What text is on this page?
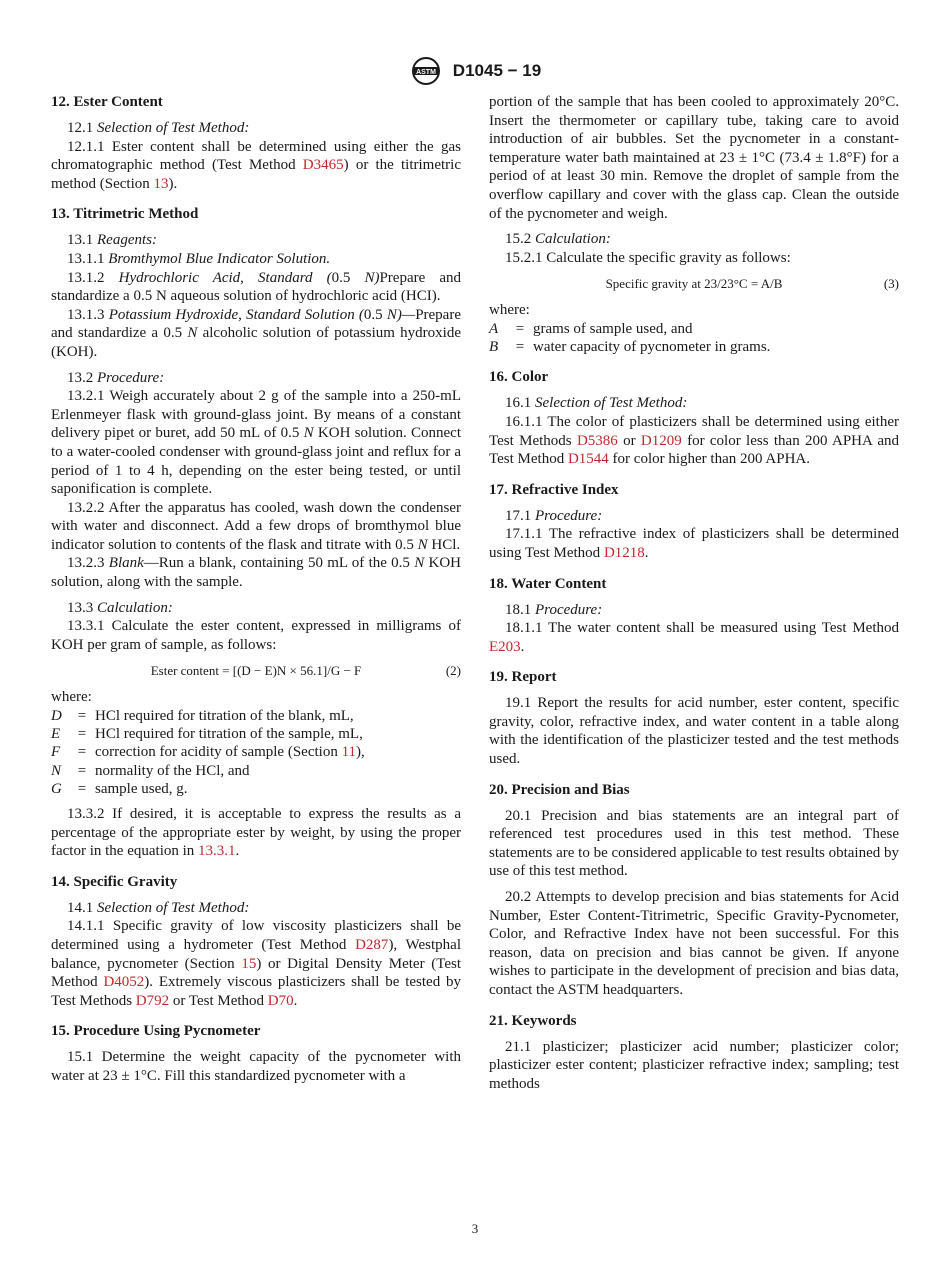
ASTM D1045 − 19
12. Ester Content

12.1 Selection of Test Method:

12.1.1 Ester content shall be determined using either the gas chromatographic method (Test Method D3465) or the titrimetric method (Section 13).

13. Titrimetric Method

13.1 Reagents:

13.1.1 Bromthymol Blue Indicator Solution.

13.1.2 Hydrochloric Acid, Standard (0.5 N)Prepare and standardize a 0.5 N aqueous solution of hydrochloric acid (HCI).

13.1.3 Potassium Hydroxide, Standard Solution (0.5 N)—Prepare and standardize a 0.5 N alcoholic solution of potassium hydroxide (KOH).

13.2 Procedure:

13.2.1 Weigh accurately about 2 g of the sample into a 250-mL Erlenmeyer flask with ground-glass joint. By means of a constant delivery pipet or buret, add 50 mL of 0.5 N KOH solution. Connect to a water-cooled condenser with ground-glass joint and reflux for a period of 1 to 4 h, depending on the ester being tested, or until saponification is complete.

13.2.2 After the apparatus has cooled, wash down the condenser with water and disconnect. Add a few drops of bromthymol blue indicator solution to contents of the flask and titrate with 0.5 N HCl.

13.2.3 Blank—Run a blank, containing 50 mL of the 0.5 N KOH solution, along with the sample.

13.3 Calculation:

13.3.1 Calculate the ester content, expressed in milligrams of KOH per gram of sample, as follows:

Ester content = [(D − E)N × 56.1]/G − F	(2)

where:

D	= HCl required for titration of the blank, mL,
E	= HCl required for titration of the sample, mL,
F	= correction for acidity of sample (Section 11),
N	= normality of the HCl, and
G	= sample used, g.

13.3.2 If desired, it is acceptable to express the results as a percentage of the appropriate ester by weight, by using the proper factor in the equation in 13.3.1.

14. Specific Gravity

14.1 Selection of Test Method:

14.1.1 Specific gravity of low viscosity plasticizers shall be determined using a hydrometer (Test Method D287), Westphal balance, pycnometer (Section 15) or Digital Density Meter (Test Method D4052). Extremely viscous plasticizers shall be tested by Test Methods D792 or Test Method D70.

15. Procedure Using Pycnometer

15.1 Determine the weight capacity of the pycnometer with water at 23 ± 1°C. Fill this standardized pycnometer with a

portion of the sample that has been cooled to approximately 20°C. Insert the thermometer or capillary tube, taking care to avoid introduction of air bubbles. Set the pycnometer in a constant-temperature water bath maintained at 23 ± 1°C (73.4 ± 1.8°F) for a period of at least 30 min. Remove the droplet of sample from the overflow capillary and cover with the glass cap. Clean the outside of the pycnometer and weigh.

15.2 Calculation:

15.2.1 Calculate the specific gravity as follows:

Specific gravity at 23/23°C = A/B	(3)

where:

A	= grams of sample used, and
B	= water capacity of pycnometer in grams.
16. Color

16.1 Selection of Test Method:

16.1.1 The color of plasticizers shall be determined using either Test Methods D5386 or D1209 for color less than 200 APHA and Test Method D1544 for color higher than 200 APHA.

17. Refractive Index

17.1 Procedure:

17.1.1 The refractive index of plasticizers shall be determined using Test Method D1218.

18. Water Content

18.1 Procedure:

18.1.1 The water content shall be measured using Test Method E203.

19. Report

19.1 Report the results for acid number, ester content, specific gravity, color, refractive index, and water content in a table along with the identification of the plasticizer tested and the test methods used.

20. Precision and Bias

20.1 Precision and bias statements are an integral part of referenced test procedures used in this test method. These statements are to be considered applicable to test results obtained by use of this test method.

20.2 Attempts to develop precision and bias statements for Acid Number, Ester Content-Titrimetric, Specific Gravity-Pycnometer, Color, and Refractive Index have not been successful. For this reason, data on precision and bias cannot be given. If anyone wishes to participate in the development of precision and bias data, contact the ASTM headquarters.

21. Keywords

21.1 plasticizer; plasticizer acid number; plasticizer color; plasticizer ester content; plasticizer refractive index; sampling; test methods

3
